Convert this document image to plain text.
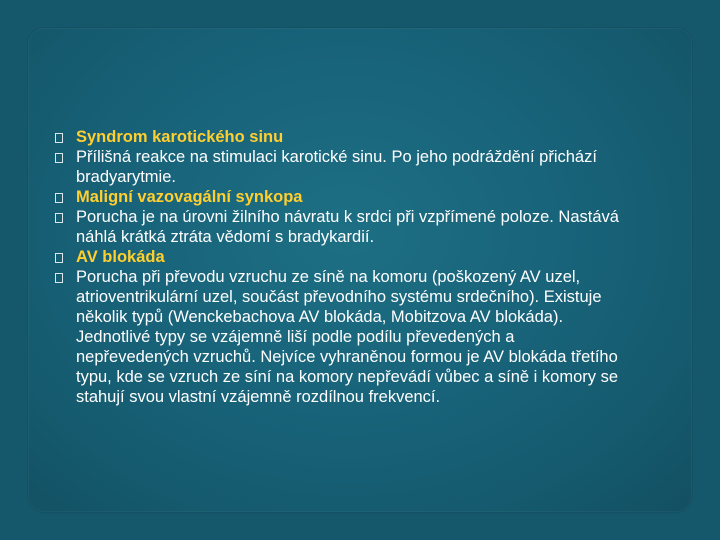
Syndrom karotického sinu
Přílišná reakce na stimulaci karotické sinu. Po jeho podráždění přichází bradyarytmie.
Maligní vazovagální synkopa
Porucha je na úrovni žilního návratu k srdci při vzpřímené poloze. Nastává náhlá krátká ztráta vědomí s bradykardií.
AV blokáda
Porucha při převodu vzruchu ze síně na komoru (poškozený AV uzel, atrioventrikulární uzel, součást převodního systému srdečního). Existuje několik typů (Wenckebachova AV blokáda, Mobitzova AV blokáda). Jednotlivé typy se vzájemně liší podle podílu převedených a nepřevedených vzruchů. Nejvíce vyhraněnou formou je AV blokáda třetího typu, kde se vzruch ze síní na komory nepřevádí vůbec a síně i komory se stahují svou vlastní vzájemně rozdílnou frekvencí.
